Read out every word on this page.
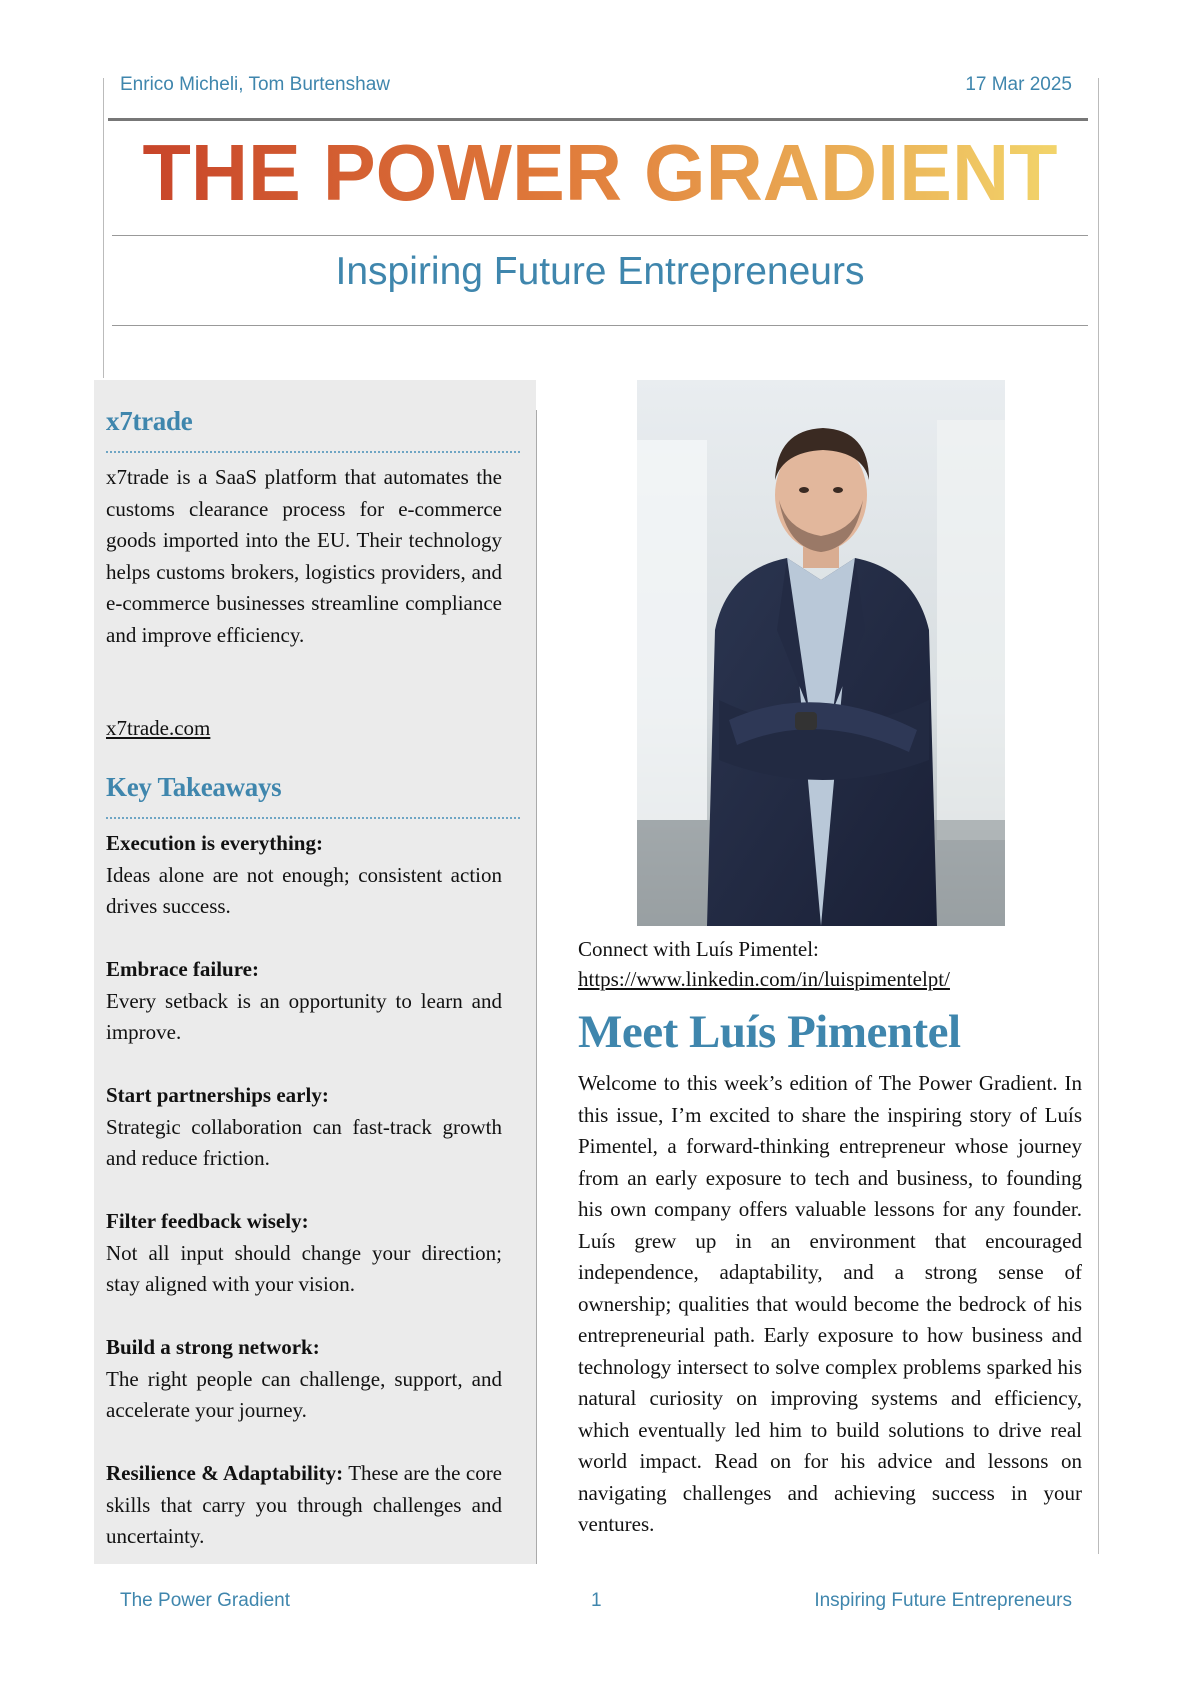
Enrico Micheli, Tom Burtenshaw	17 Mar 2025
THE POWER GRADIENT
Inspiring Future Entrepreneurs
x7trade
x7trade is a SaaS platform that automates the customs clearance process for e-commerce goods imported into the EU. Their technology helps customs brokers, logistics providers, and e-commerce businesses streamline compliance and improve efficiency.
x7trade.com
Key Takeaways
Execution is everything:
Ideas alone are not enough; consistent action drives success.
Embrace failure:
Every setback is an opportunity to learn and improve.
Start partnerships early:
Strategic collaboration can fast-track growth and reduce friction.
Filter feedback wisely:
Not all input should change your direction; stay aligned with your vision.
Build a strong network:
The right people can challenge, support, and accelerate your journey.
Resilience & Adaptability: These are the core skills that carry you through challenges and uncertainty.
Connect with Luís Pimentel:
https://www.linkedin.com/in/luispimentelpt/
Meet Luís Pimentel
Welcome to this week’s edition of The Power Gradient. In this issue, I’m excited to share the inspiring story of Luís Pimentel, a forward-thinking entrepreneur whose journey from an early exposure to tech and business, to founding his own company offers valuable lessons for any founder. Luís grew up in an environment that encouraged independence, adaptability, and a strong sense of ownership; qualities that would become the bedrock of his entrepreneurial path. Early exposure to how business and technology intersect to solve complex problems sparked his natural curiosity on improving systems and efficiency, which eventually led him to build solutions to drive real world impact. Read on for his advice and lessons on navigating challenges and achieving success in your ventures.
The Power Gradient	1	Inspiring Future Entrepreneurs
